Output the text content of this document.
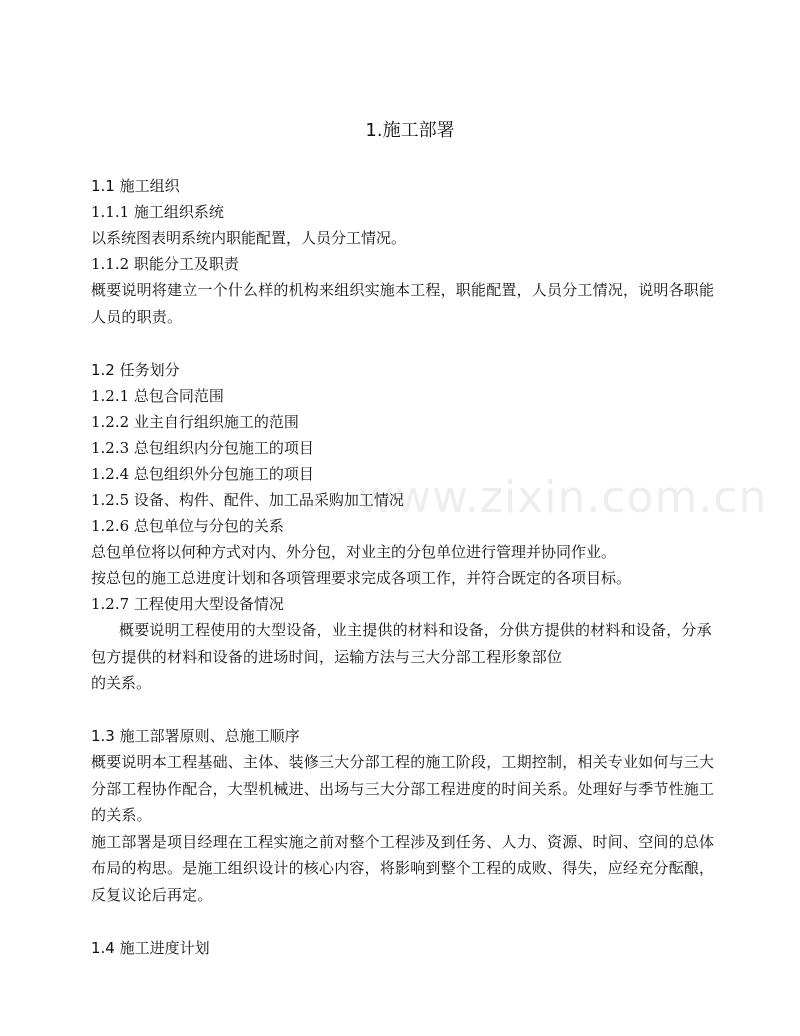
www.zixin.com.cn
1.施工部署

1.1 施工组织

1.1.1 施工组织系统

以系统图表明系统内职能配置，人员分工情况。

1.1.2 职能分工及职责

概要说明将建立一个什么样的机构来组织实施本工程，职能配置，人员分工情况，说明各职能人员的职责。

1.2 任务划分

1.2.1 总包合同范围

1.2.2 业主自行组织施工的范围

1.2.3 总包组织内分包施工的项目

1.2.4 总包组织外分包施工的项目

1.2.5 设备、构件、配件、加工品采购加工情况

1.2.6 总包单位与分包的关系

总包单位将以何种方式对内、外分包，对业主的分包单位进行管理并协同作业。

按总包的施工总进度计划和各项管理要求完成各项工作，并符合既定的各项目标。

1.2.7 工程使用大型设备情况

概要说明工程使用的大型设备，业主提供的材料和设备，分供方提供的材料和设备，分承包方提供的材料和设备的进场时间，运输方法与三大分部工程形象部位

的关系。

1.3 施工部署原则、总施工顺序

概要说明本工程基础、主体、装修三大分部工程的施工阶段，工期控制，相关专业如何与三大分部工程协作配合，大型机械进、出场与三大分部工程进度的时间关系。处理好与季节性施工的关系。

施工部署是项目经理在工程实施之前对整个工程涉及到任务、人力、资源、时间、空间的总体布局的构思。是施工组织设计的核心内容，将影响到整个工程的成败、得失，应经充分酝酿，反复议论后再定。

1.4 施工进度计划
